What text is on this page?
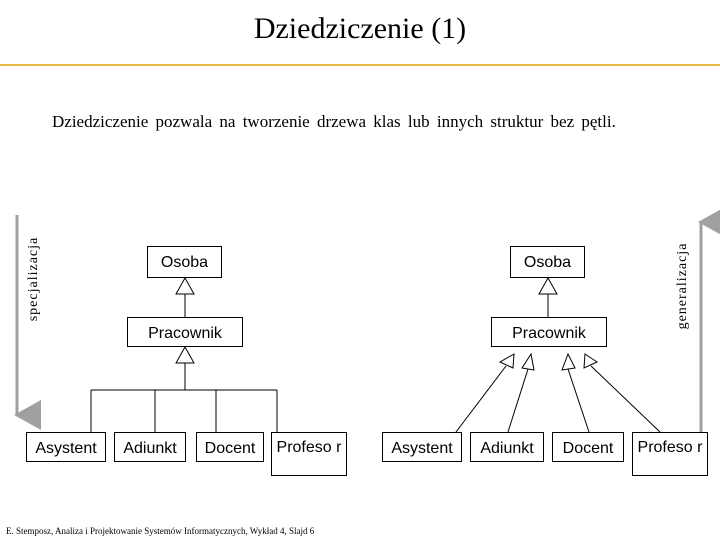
Dziedziczenie (1)
Dziedziczenie pozwala na tworzenie drzewa klas lub innych struktur bez pętli.
specjalizacja	generalizacja
Osoba
Pracownik
Asystent	Adiunkt	Docent	Profeso r
Osoba
Pracownik
Asystent	Adiunkt	Docent	Profeso r
E. Stemposz, Analiza i Projektowanie Systemów Informatycznych, Wykład 4, Slajd 6
